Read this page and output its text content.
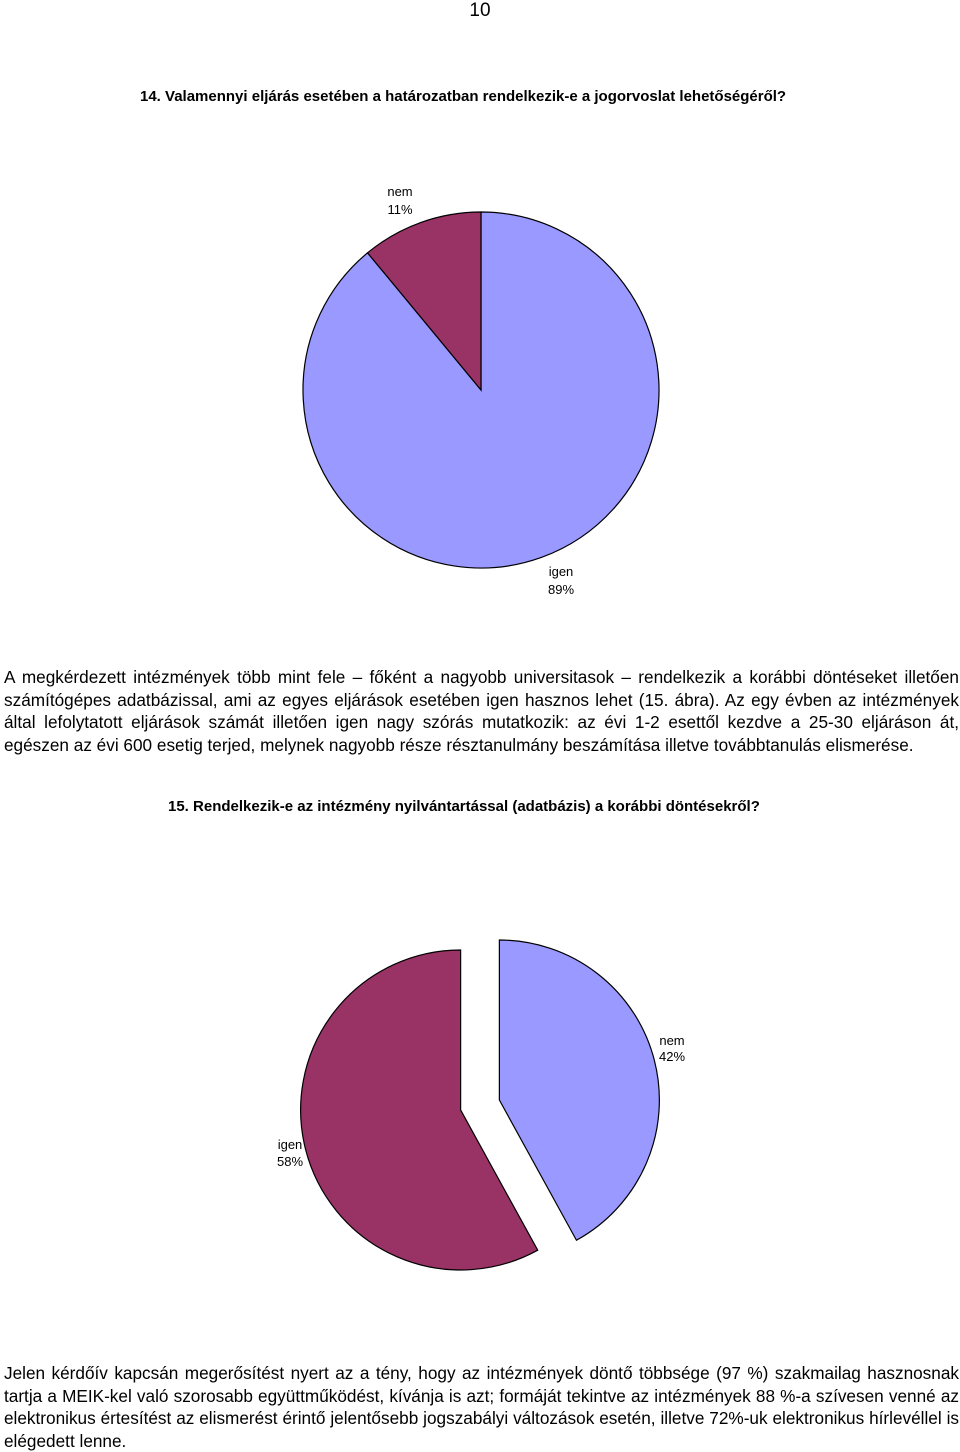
10
14. Valamennyi eljárás esetében a határozatban rendelkezik-e a jogorvoslat lehetőségéről?
nem
11%
igen
89%
A megkérdezett intézmények több mint fele – főként a nagyobb universitasok – rendelkezik a korábbi döntéseket illetően számítógépes adatbázissal, ami az egyes eljárások esetében igen hasznos lehet (15. ábra). Az egy évben az intézmények által lefolytatott eljárások számát illetően igen nagy szórás mutatkozik: az évi 1-2 esettől kezdve a 25-30 eljáráson át, egészen az évi 600 esetig terjed, melynek nagyobb része résztanulmány beszámítása illetve továbbtanulás elismerése.
15. Rendelkezik-e az intézmény nyilvántartással (adatbázis) a korábbi döntésekről?
nem
42%
igen
58%
Jelen kérdőív kapcsán megerősítést nyert az a tény, hogy az intézmények döntő többsége (97 %) szakmailag hasznosnak tartja a MEIK-kel való szorosabb együttműködést, kívánja is azt; formáját tekintve az intézmények 88 %-a szívesen venné az elektronikus értesítést az elismerést érintő jelentősebb jogszabályi változások esetén, illetve 72%-uk elektronikus hírlevéllel is elégedett lenne.
